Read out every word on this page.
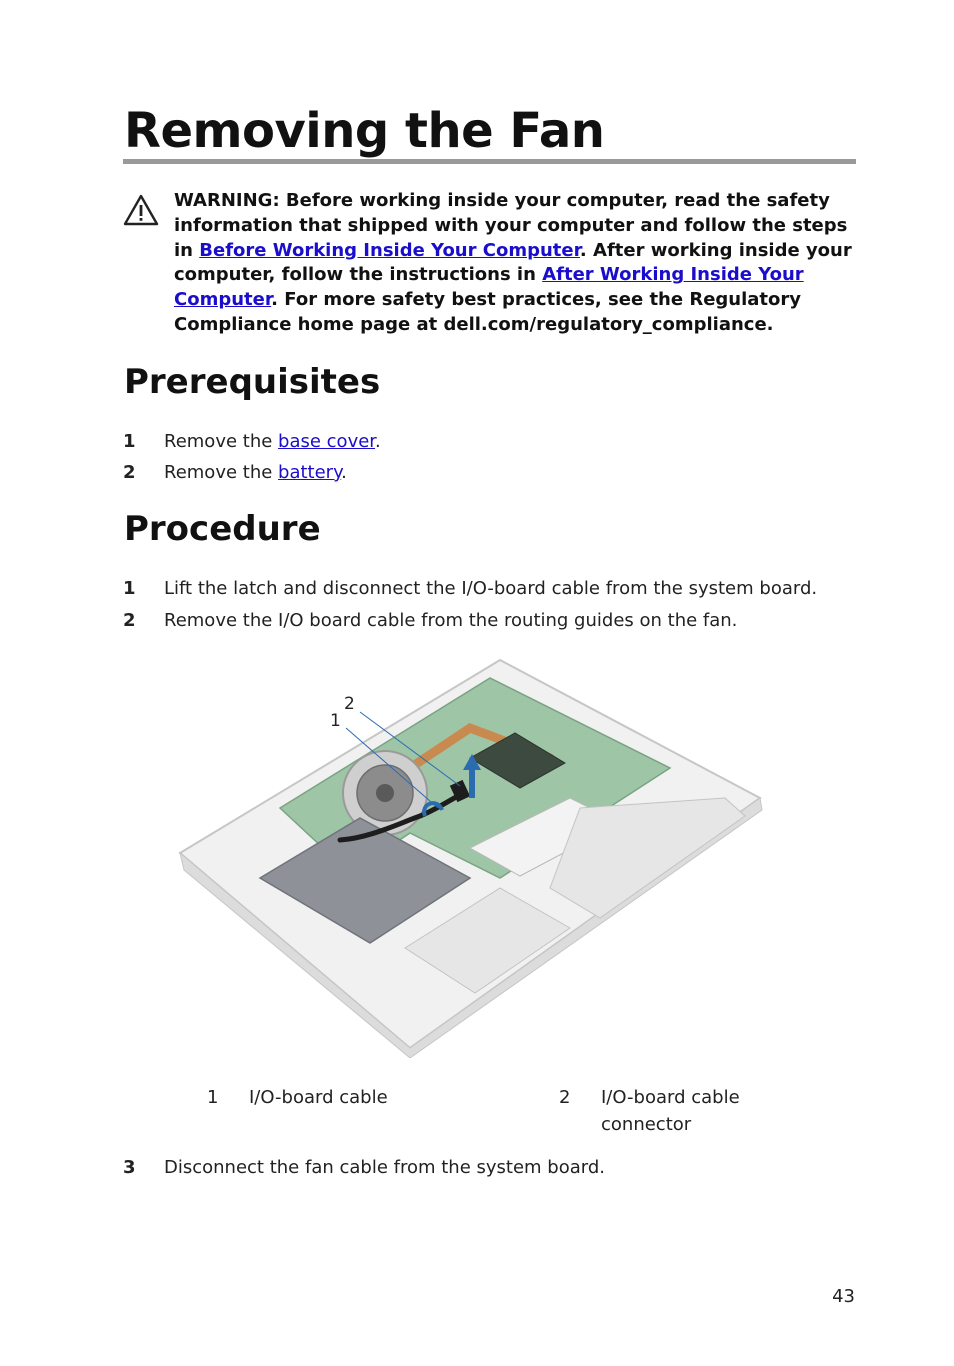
Removing the Fan
WARNING: Before working inside your computer, read the safety information that shipped with your computer and follow the steps in Before Working Inside Your Computer. After working inside your computer, follow the instructions in After Working Inside Your Computer. For more safety best practices, see the Regulatory Compliance home page at dell.com/regulatory_compliance.
Prerequisites
1 Remove the base cover.
2 Remove the battery.
Procedure
1 Lift the latch and disconnect the I/O-board cable from the system board.
2 Remove the I/O board cable from the routing guides on the fan.
1
2
1 I/O-board cable	2 I/O-board cable connector
3 Disconnect the fan cable from the system board.
43
